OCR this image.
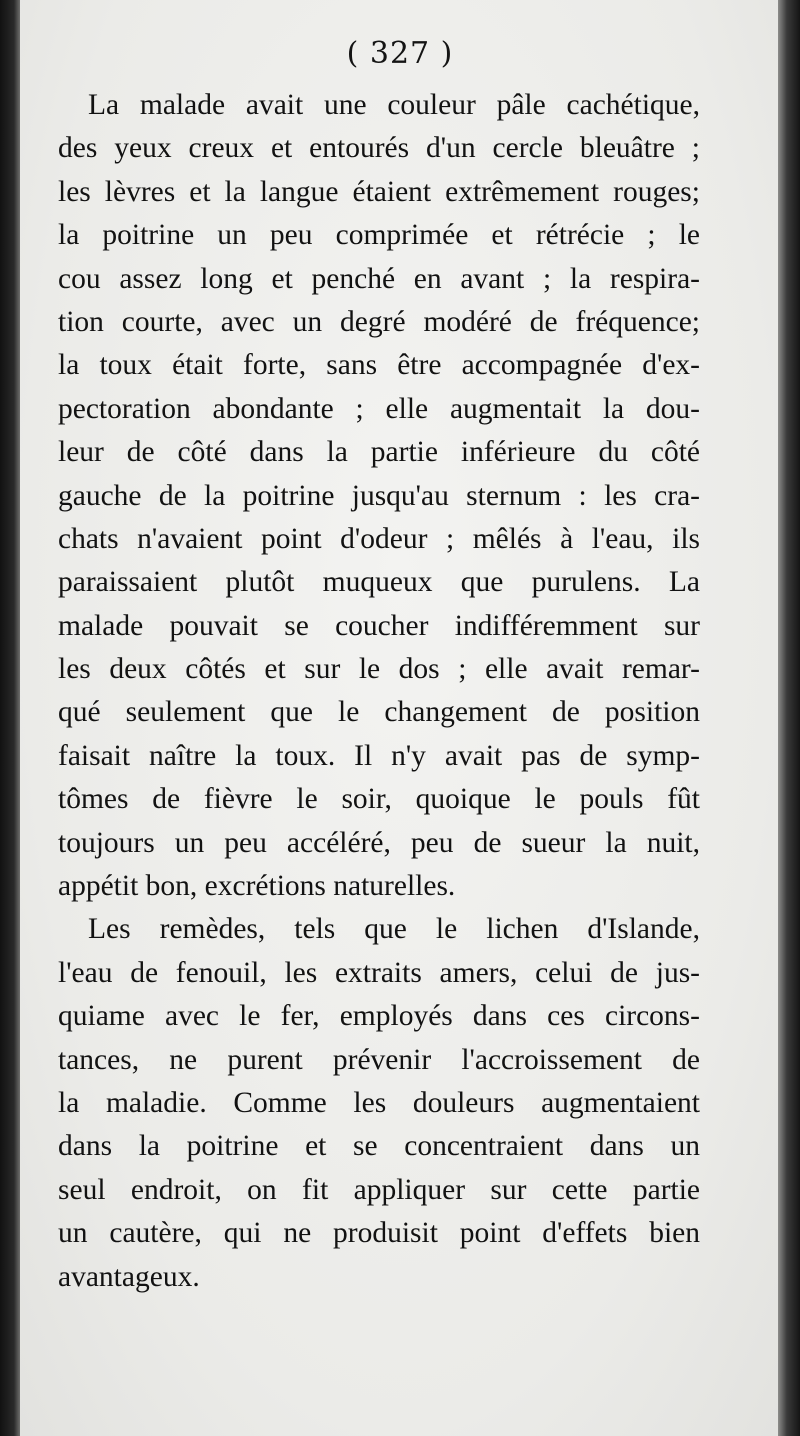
( 327 )
La malade avait une couleur pâle cachétique,
des yeux creux et entourés d'un cercle bleuâtre ;
les lèvres et la langue étaient extrêmement rouges;
la poitrine un peu comprimée et rétrécie ; le
cou assez long et penché en avant ; la respira-
tion courte, avec un degré modéré de fréquence;
la toux était forte, sans être accompagnée d'ex-
pectoration abondante ; elle augmentait la dou-
leur de côté dans la partie inférieure du côté
gauche de la poitrine jusqu'au sternum : les cra-
chats n'avaient point d'odeur ; mêlés à l'eau, ils
paraissaient plutôt muqueux que purulens. La
malade pouvait se coucher indifféremment sur
les deux côtés et sur le dos ; elle avait remar-
qué seulement que le changement de position
faisait naître la toux. Il n'y avait pas de symp-
tômes de fièvre le soir, quoique le pouls fût
toujours un peu accéléré, peu de sueur la nuit,
appétit bon, excrétions naturelles.
Les remèdes, tels que le lichen d'Islande,
l'eau de fenouil, les extraits amers, celui de jus-
quiame avec le fer, employés dans ces circons-
tances, ne purent prévenir l'accroissement de
la maladie. Comme les douleurs augmentaient
dans la poitrine et se concentraient dans un
seul endroit, on fit appliquer sur cette partie
un cautère, qui ne produisit point d'effets bien
avantageux.
